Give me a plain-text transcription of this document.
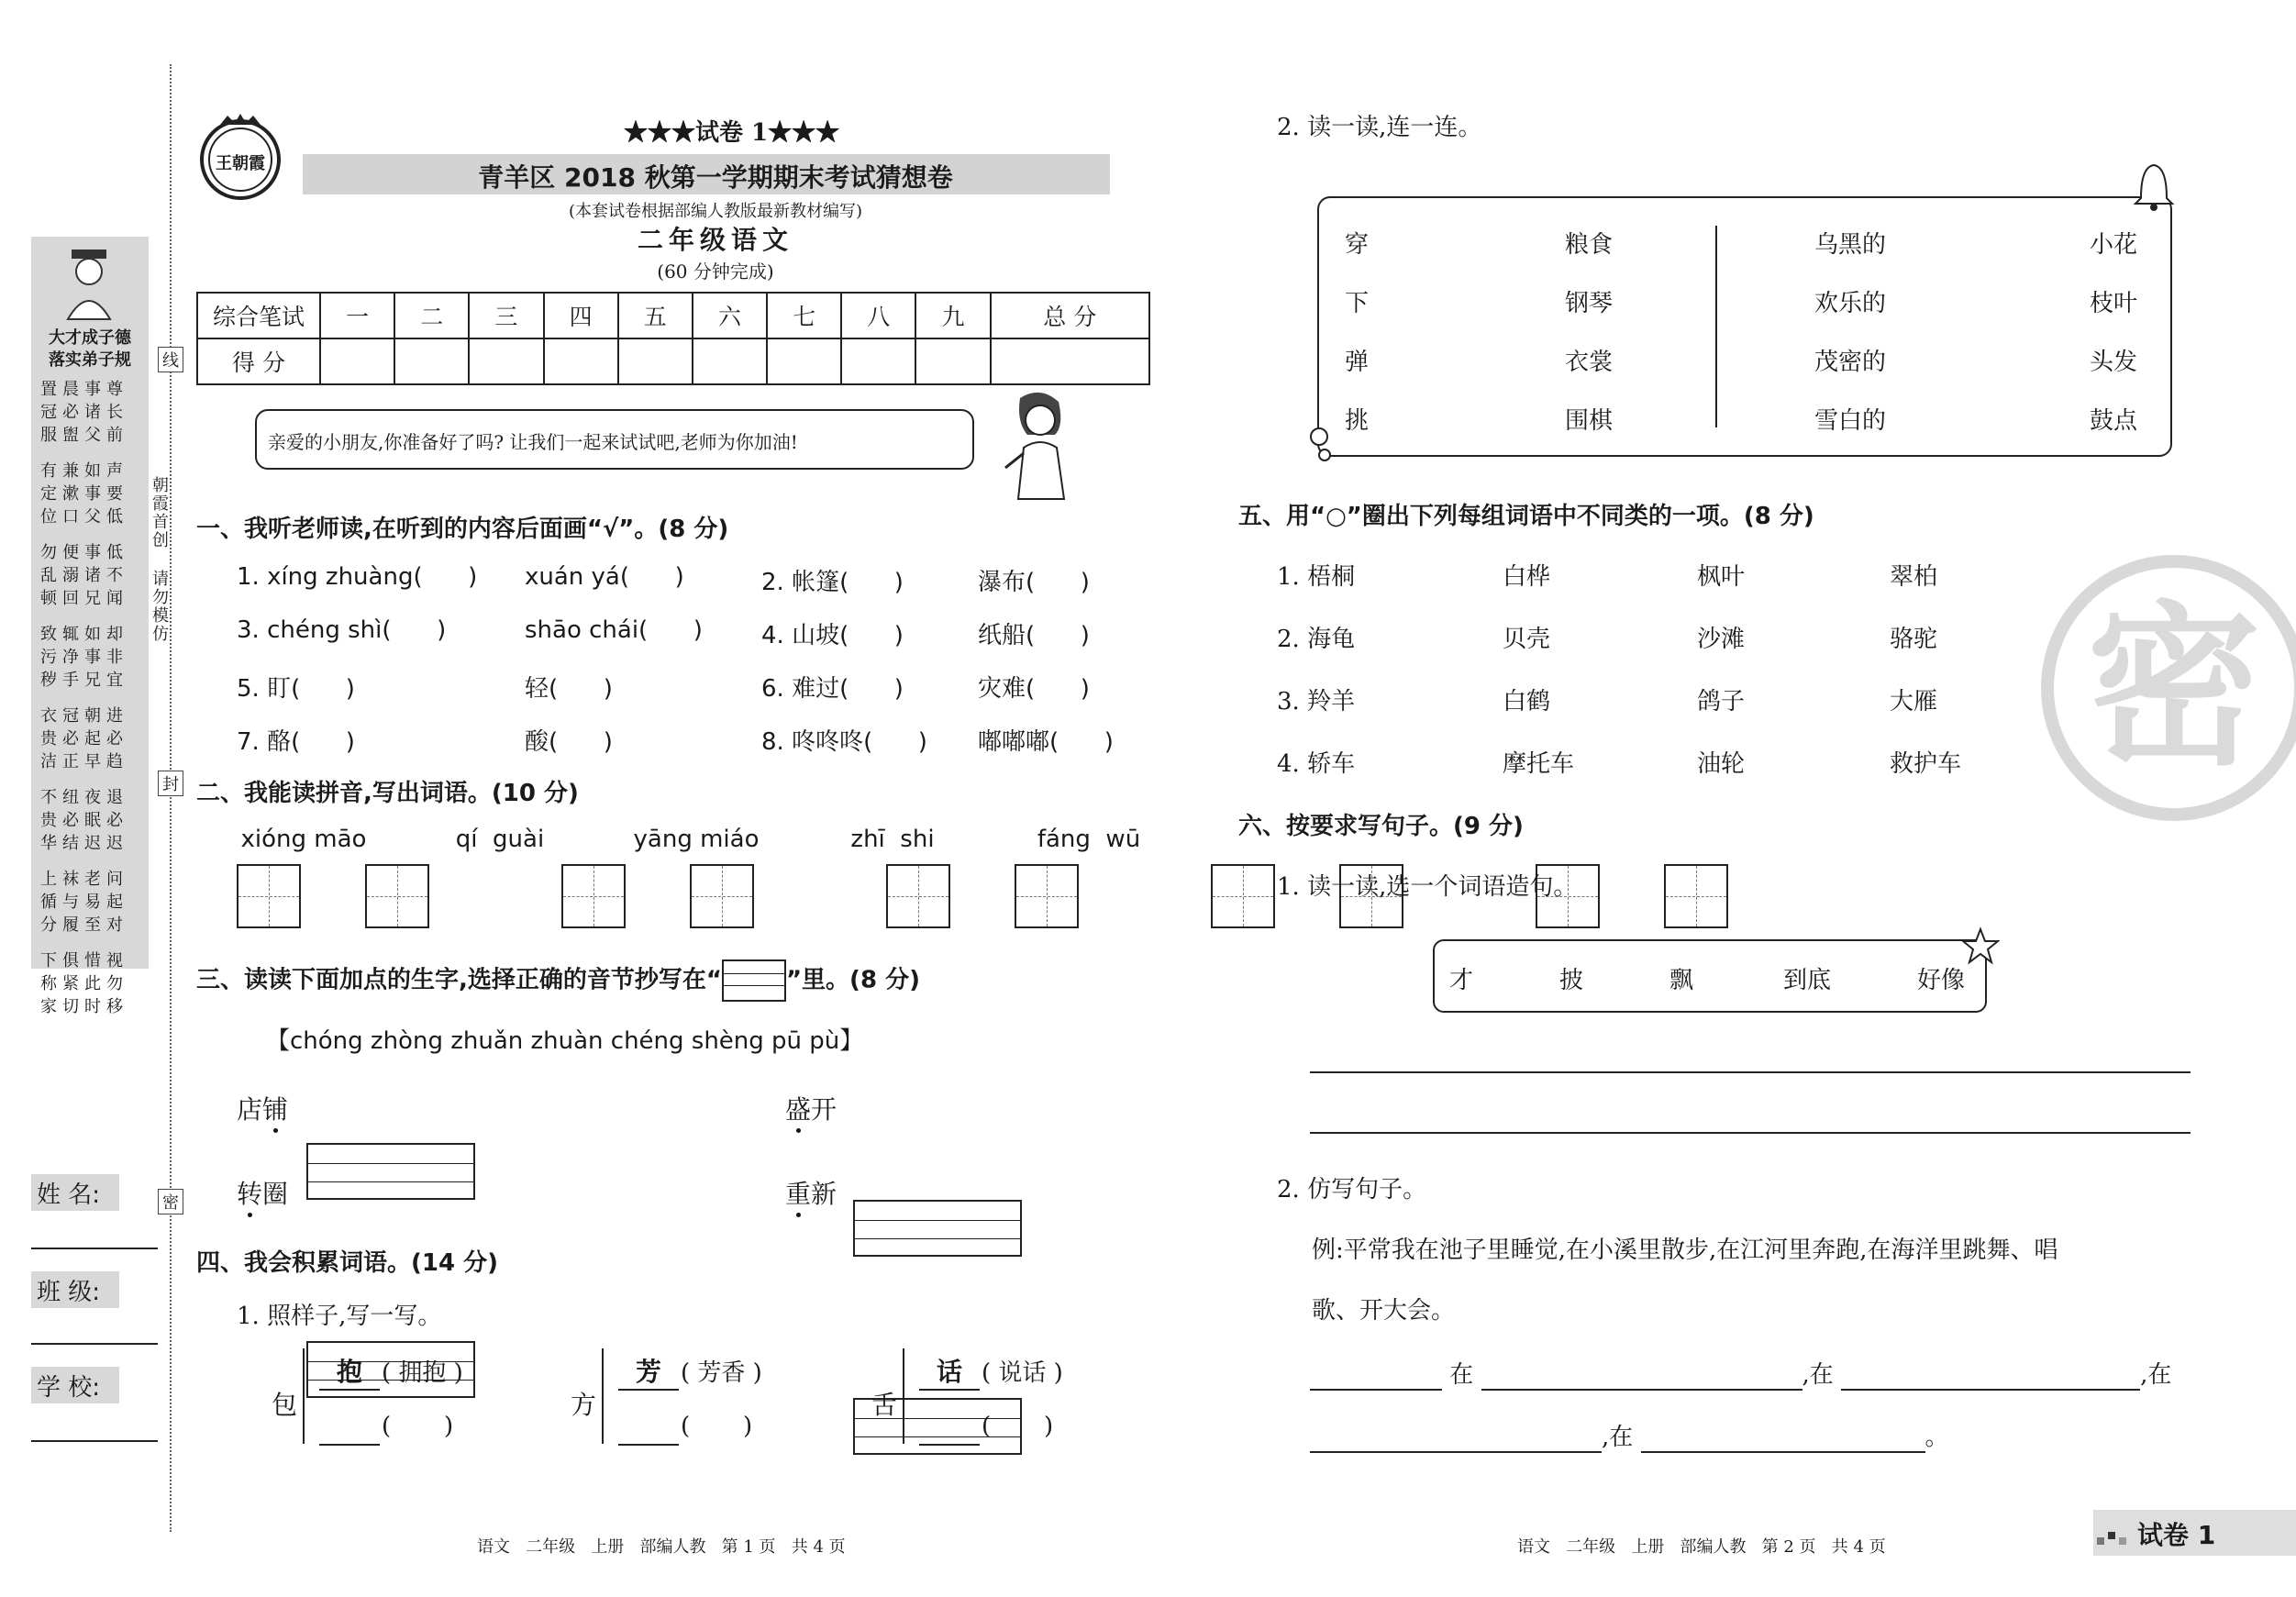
大才成子德
落实弟子规
置晨事尊
冠必诸长
服盥父前
有兼如声
定漱事要
位口父低
勿便事低
乱溺诸不
顿回兄闻
致辄如却
污净事非
秽手兄宜
衣冠朝进
贵必起必
洁正早趋
不纽夜退
贵必眠必
华结迟迟
上袜老问
循与易起
分履至对
下俱惜视
称紧此勿
家切时移
线
封
密
朝霞首创
请勿模仿
姓 名:
班 级:
学 校:
王朝霞
★★★试卷 1★★★
青羊区 2018 秋第一学期期末考试猜想卷
(本套试卷根据部编人教版最新教材编写)
二年级语文
(60 分钟完成)
综合笔试	一	二	三	四	五	六	七	八	九	总 分
得 分										
亲爱的小朋友,你准备好了吗? 让我们一起来试试吧,老师为你加油!
一、我听老师读,在听到的内容后面画“√”。(8 分)
1. xíng zhuàng(      ) xuán yá(      )	2. 帐篷(      )	瀑布(      )
3. chéng shì(      )	shāo chái(      ) 4. 山坡(      )	纸船(      )
5. 盯(      )	轻(      )	6. 难过(      )	灾难(      )
7. 酪(      )	酸(      )	8. 咚咚咚(      ) 嘟嘟嘟(      )
二、我能读拼音,写出词语。(10 分)
xióng māo	qí  guài	yāng miáo	zhī  shi	fáng  wū
三、读读下面加点的生字,选择正确的音节抄写在“	”里。(8 分)
【chóng zhòng zhuǎn zhuàn chéng shèng pū pù】
店铺	盛开
转圈	重新
四、我会积累词语。(14 分)
1. 照样子,写一写。
包
抱 ( 拥抱 )
(       )
方
芳 ( 芳香 )
(       )
舌
话 ( 说话 )
(       )
语文   二年级   上册   部编人教   第 1 页   共 4 页
2. 读一读,连一连。
穿	粮食
下	钢琴
弹	衣裳
挑	围棋
乌黑的	小花
欢乐的	枝叶
茂密的	头发
雪白的	鼓点
五、用“○”圈出下列每组词语中不同类的一项。(8 分)
1. 梧桐	白桦	枫叶	翠柏
2. 海龟	贝壳	沙滩	骆驼
3. 羚羊	白鹤	鸽子	大雁
4. 轿车	摩托车	油轮	救护车
六、按要求写句子。(9 分)
1. 读一读,选一个词语造句。
才	披	飘	到底	好像
2. 仿写句子。
例:平常我在池子里睡觉,在小溪里散步,在江河里奔跑,在海洋里跳舞、唱
歌、开大会。
在	,在	,在
,在	。
密
语文   二年级   上册   部编人教   第 2 页   共 4 页	试卷 1
